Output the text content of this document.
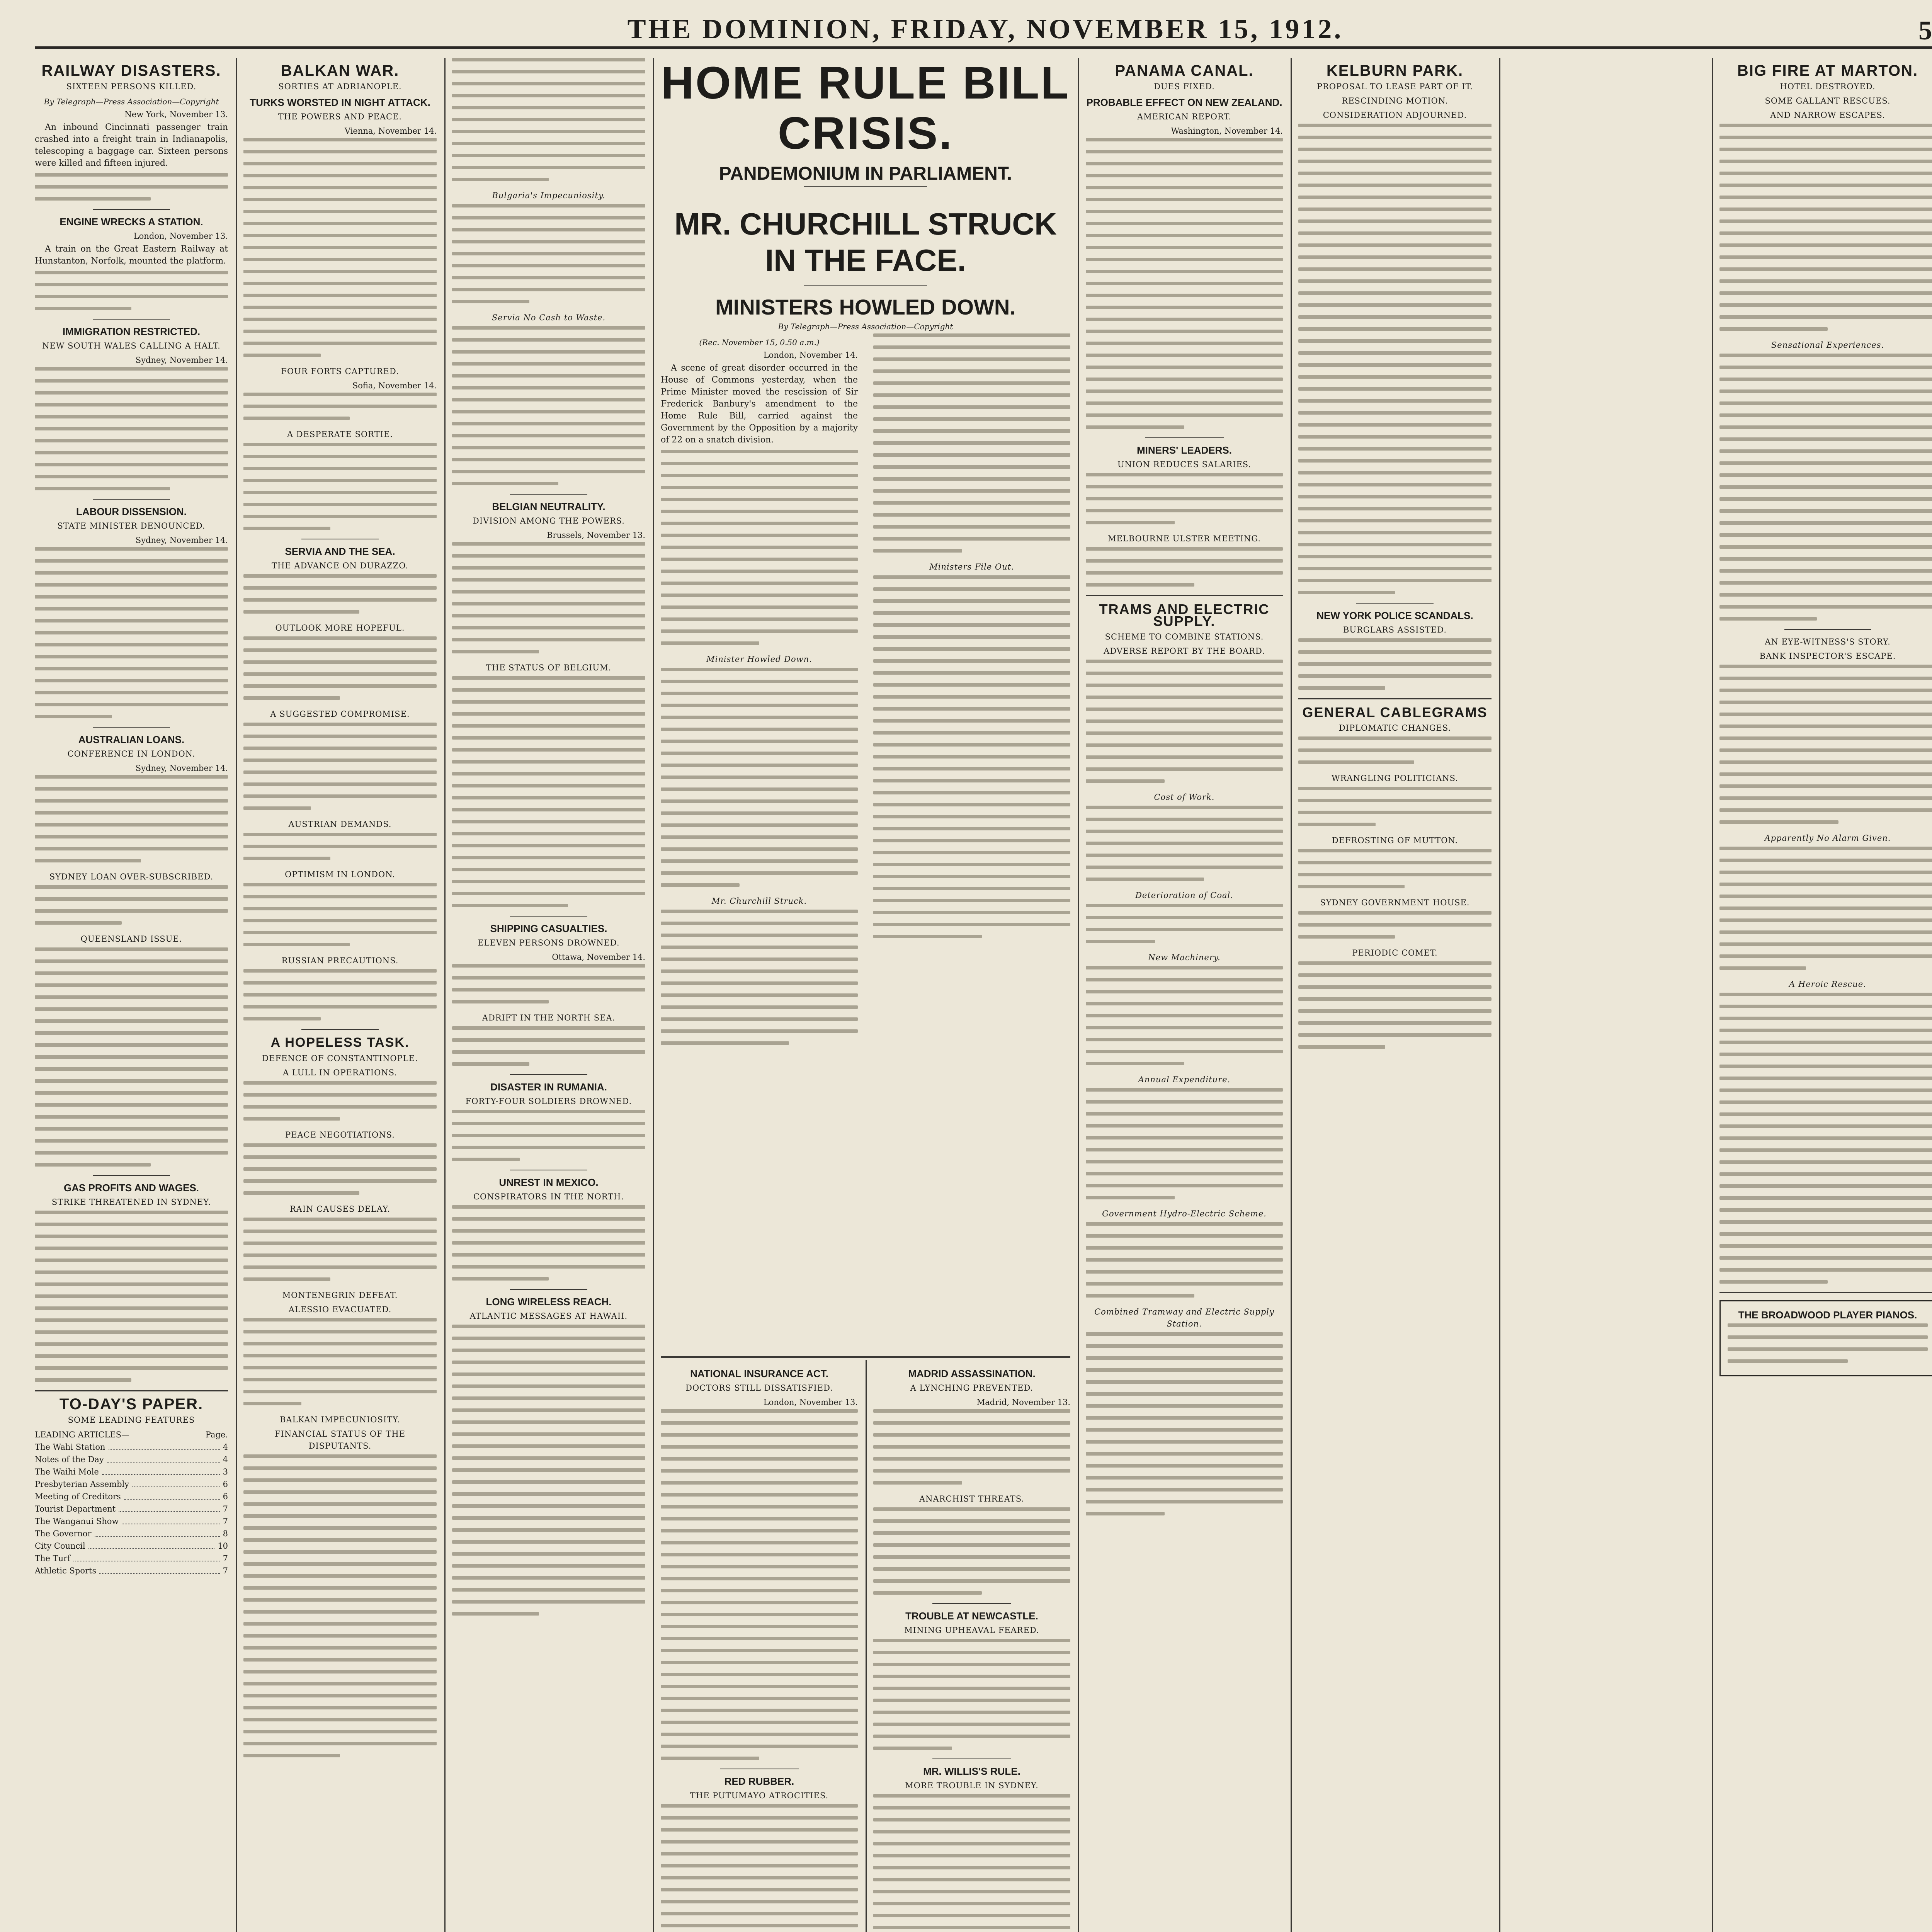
THE DOMINION, FRIDAY, NOVEMBER 15, 1912.	5
RAILWAY DISASTERS.
SIXTEEN PERSONS KILLED.
By Telegraph—Press Association—Copyright
New York, November 13.

An inbound Cincinnati passenger train crashed into a freight train in Indianapolis, telescoping a baggage car. Sixteen persons were killed and fifteen injured.

ENGINE WRECKS A STATION.
London, November 13.

A train on the Great Eastern Railway at Hunstanton, Norfolk, mounted the platform.

IMMIGRATION RESTRICTED.
NEW SOUTH WALES CALLING A HALT.
Sydney, November 14.
LABOUR DISSENSION.
STATE MINISTER DENOUNCED.
Sydney, November 14.
AUSTRALIAN LOANS.
CONFERENCE IN LONDON.
Sydney, November 14.
SYDNEY LOAN OVER-SUBSCRIBED.
QUEENSLAND ISSUE.
GAS PROFITS AND WAGES.
STRIKE THREATENED IN SYDNEY.
TO-DAY'S PAPER.
SOME LEADING FEATURES
LEADING ARTICLES—	Page.
The Wahi Station	4
Notes of the Day	4
The Waihi Mole	3
Presbyterian Assembly	6
Meeting of Creditors	6
Tourist Department	7
The Wanganui Show	7
The Governor	8
City Council	10
The Turf	7
Athletic Sports	7
BALKAN WAR.
SORTIES AT ADRIANOPLE.
TURKS WORSTED IN NIGHT ATTACK.
THE POWERS AND PEACE.
Vienna, November 14.
FOUR FORTS CAPTURED.
Sofia, November 14.
A DESPERATE SORTIE.
SERVIA AND THE SEA.
THE ADVANCE ON DURAZZO.
OUTLOOK MORE HOPEFUL.
A SUGGESTED COMPROMISE.
AUSTRIAN DEMANDS.
OPTIMISM IN LONDON.
RUSSIAN PRECAUTIONS.
A HOPELESS TASK.
DEFENCE OF CONSTANTINOPLE.
A LULL IN OPERATIONS.
PEACE NEGOTIATIONS.
RAIN CAUSES DELAY.
MONTENEGRIN DEFEAT.
ALESSIO EVACUATED.
BALKAN IMPECUNIOSITY.
FINANCIAL STATUS OF THE DISPUTANTS.
Bulgaria's Impecuniosity.
Servia No Cash to Waste.
BELGIAN NEUTRALITY.
DIVISION AMONG THE POWERS.
Brussels, November 13.
THE STATUS OF BELGIUM.
SHIPPING CASUALTIES.
ELEVEN PERSONS DROWNED.
Ottawa, November 14.
ADRIFT IN THE NORTH SEA.
DISASTER IN RUMANIA.
FORTY-FOUR SOLDIERS DROWNED.
UNREST IN MEXICO.
CONSPIRATORS IN THE NORTH.
LONG WIRELESS REACH.
ATLANTIC MESSAGES AT HAWAII.
HOME RULE BILL CRISIS.
PANDEMONIUM IN PARLIAMENT.
MR. CHURCHILL STRUCK IN THE FACE.
MINISTERS HOWLED DOWN.
By Telegraph—Press Association—Copyright
(Rec. November 15, 0.50 a.m.)
London, November 14.

A scene of great disorder occurred in the House of Commons yesterday, when the Prime Minister moved the rescission of Sir Frederick Banbury's amendment to the Home Rule Bill, carried against the Government by the Opposition by a majority of 22 on a snatch division.

Minister Howled Down.
Mr. Churchill Struck.
Ministers File Out.
NATIONAL INSURANCE ACT.
DOCTORS STILL DISSATISFIED.
London, November 13.
RED RUBBER.
THE PUTUMAYO ATROCITIES.
MADRID ASSASSINATION.
A LYNCHING PREVENTED.
Madrid, November 13.
ANARCHIST THREATS.
TROUBLE AT NEWCASTLE.
MINING UPHEAVAL FEARED.
MR. WILLIS'S RULE.
MORE TROUBLE IN SYDNEY.
PANAMA CANAL.
DUES FIXED.
PROBABLE EFFECT ON NEW ZEALAND.
AMERICAN REPORT.
Washington, November 14.
MINERS' LEADERS.
UNION REDUCES SALARIES.
MELBOURNE ULSTER MEETING.
TRAMS AND ELECTRIC SUPPLY.
SCHEME TO COMBINE STATIONS.
ADVERSE REPORT BY THE BOARD.
Cost of Work.
Deterioration of Coal.
New Machinery.
Annual Expenditure.
Government Hydro-Electric Scheme.
Combined Tramway and Electric Supply Station.
KELBURN PARK.
PROPOSAL TO LEASE PART OF IT.
RESCINDING MOTION.
CONSIDERATION ADJOURNED.
NEW YORK POLICE SCANDALS.
BURGLARS ASSISTED.
GENERAL CABLEGRAMS
DIPLOMATIC CHANGES.
WRANGLING POLITICIANS.
DEFROSTING OF MUTTON.
SYDNEY GOVERNMENT HOUSE.
PERIODIC COMET.
BIG FIRE AT MARTON.
HOTEL DESTROYED.
SOME GALLANT RESCUES.
AND NARROW ESCAPES.
Sensational Experiences.
AN EYE-WITNESS'S STORY.
BANK INSPECTOR'S ESCAPE.
Apparently No Alarm Given.
A Heroic Rescue.
THE BROADWOOD PLAYER PIANOS.
